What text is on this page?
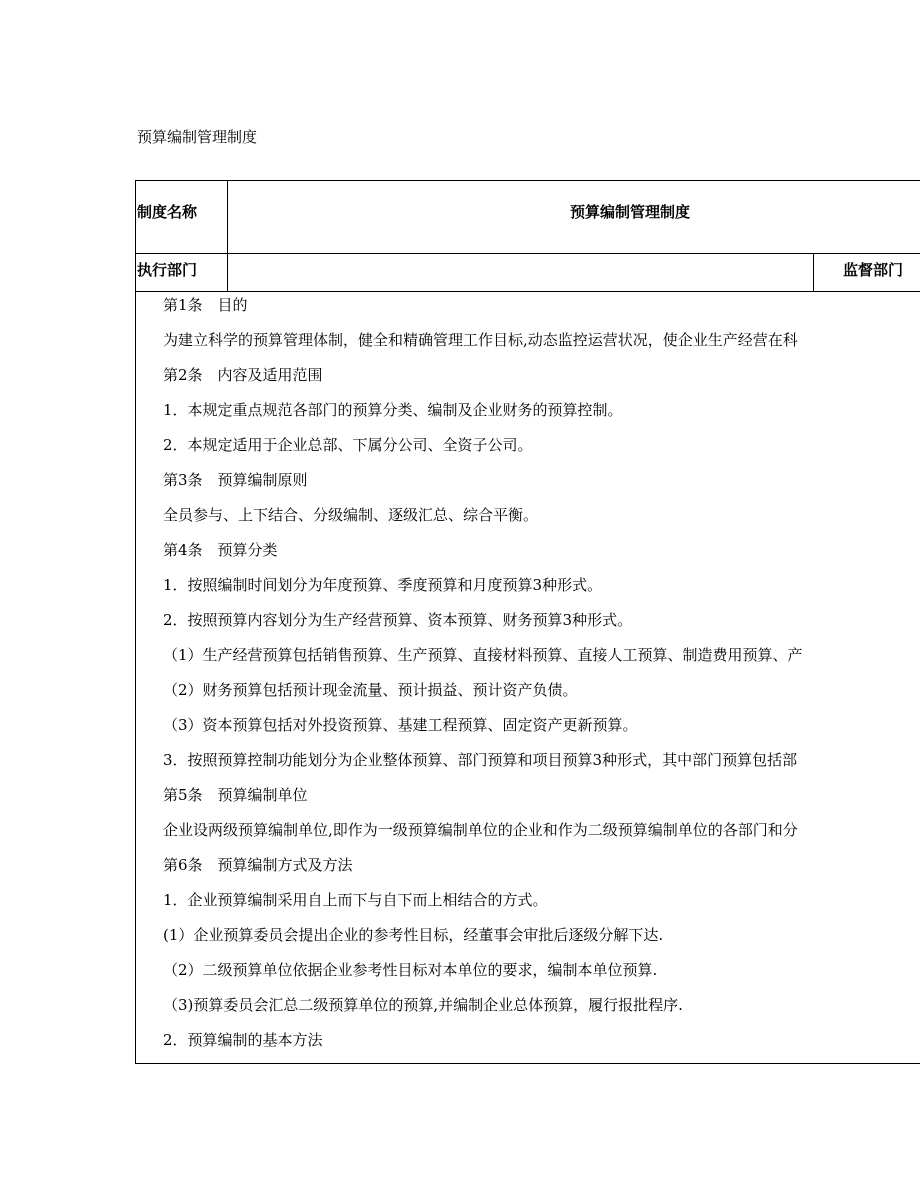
预算编制管理制度
制度名称	预算编制管理制度
执行部门	监督部门
第1条　目的
为建立科学的预算管理体制，健全和精确管理工作目标,动态监控运营状况，使企业生产经营在科
第2条　内容及适用范围
1．本规定重点规范各部门的预算分类、编制及企业财务的预算控制。
2．本规定适用于企业总部、下属分公司、全资子公司。
第3条　预算编制原则
全员参与、上下结合、分级编制、逐级汇总、综合平衡。
第4条　预算分类
1．按照编制时间划分为年度预算、季度预算和月度预算3种形式。
2．按照预算内容划分为生产经营预算、资本预算、财务预算3种形式。
（1）生产经营预算包括销售预算、生产预算、直接材料预算、直接人工预算、制造费用预算、产
（2）财务预算包括预计现金流量、预计损益、预计资产负债。
（3）资本预算包括对外投资预算、基建工程预算、固定资产更新预算。
3．按照预算控制功能划分为企业整体预算、部门预算和项目预算3种形式，其中部门预算包括部
第5条　预算编制单位
企业设两级预算编制单位,即作为一级预算编制单位的企业和作为二级预算编制单位的各部门和分
第6条　预算编制方式及方法
1．企业预算编制采用自上而下与自下而上相结合的方式。
(1）企业预算委员会提出企业的参考性目标，经董事会审批后逐级分解下达.
（2）二级预算单位依据企业参考性目标对本单位的要求，编制本单位预算.
（3)预算委员会汇总二级预算单位的预算,并编制企业总体预算，履行报批程序.
2．预算编制的基本方法
